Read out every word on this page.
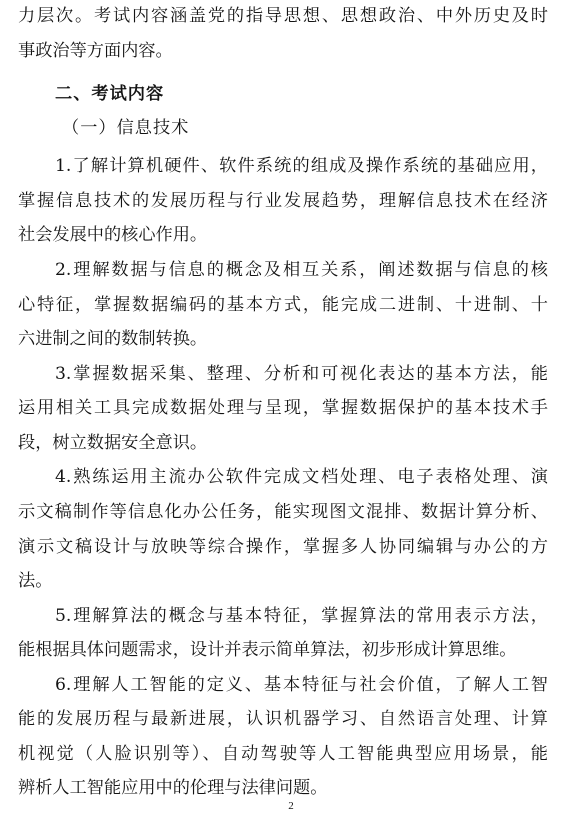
力层次。考试内容涵盖党的指导思想、思想政治、中外历史及时
事政治等方面内容。
二、考试内容
（一）信息技术
1.了解计算机硬件、软件系统的组成及操作系统的基础应用，
掌握信息技术的发展历程与行业发展趋势，理解信息技术在经济
社会发展中的核心作用。
2.理解数据与信息的概念及相互关系，阐述数据与信息的核
心特征，掌握数据编码的基本方式，能完成二进制、十进制、十
六进制之间的数制转换。
3.掌握数据采集、整理、分析和可视化表达的基本方法，能
运用相关工具完成数据处理与呈现，掌握数据保护的基本技术手
段，树立数据安全意识。
4.熟练运用主流办公软件完成文档处理、电子表格处理、演
示文稿制作等信息化办公任务，能实现图文混排、数据计算分析、
演示文稿设计与放映等综合操作，掌握多人协同编辑与办公的方
法。
5.理解算法的概念与基本特征，掌握算法的常用表示方法，
能根据具体问题需求，设计并表示简单算法，初步形成计算思维。
6.理解人工智能的定义、基本特征与社会价值，了解人工智
能的发展历程与最新进展，认识机器学习、自然语言处理、计算
机视觉（人脸识别等）、自动驾驶等人工智能典型应用场景，能
辨析人工智能应用中的伦理与法律问题。
2
